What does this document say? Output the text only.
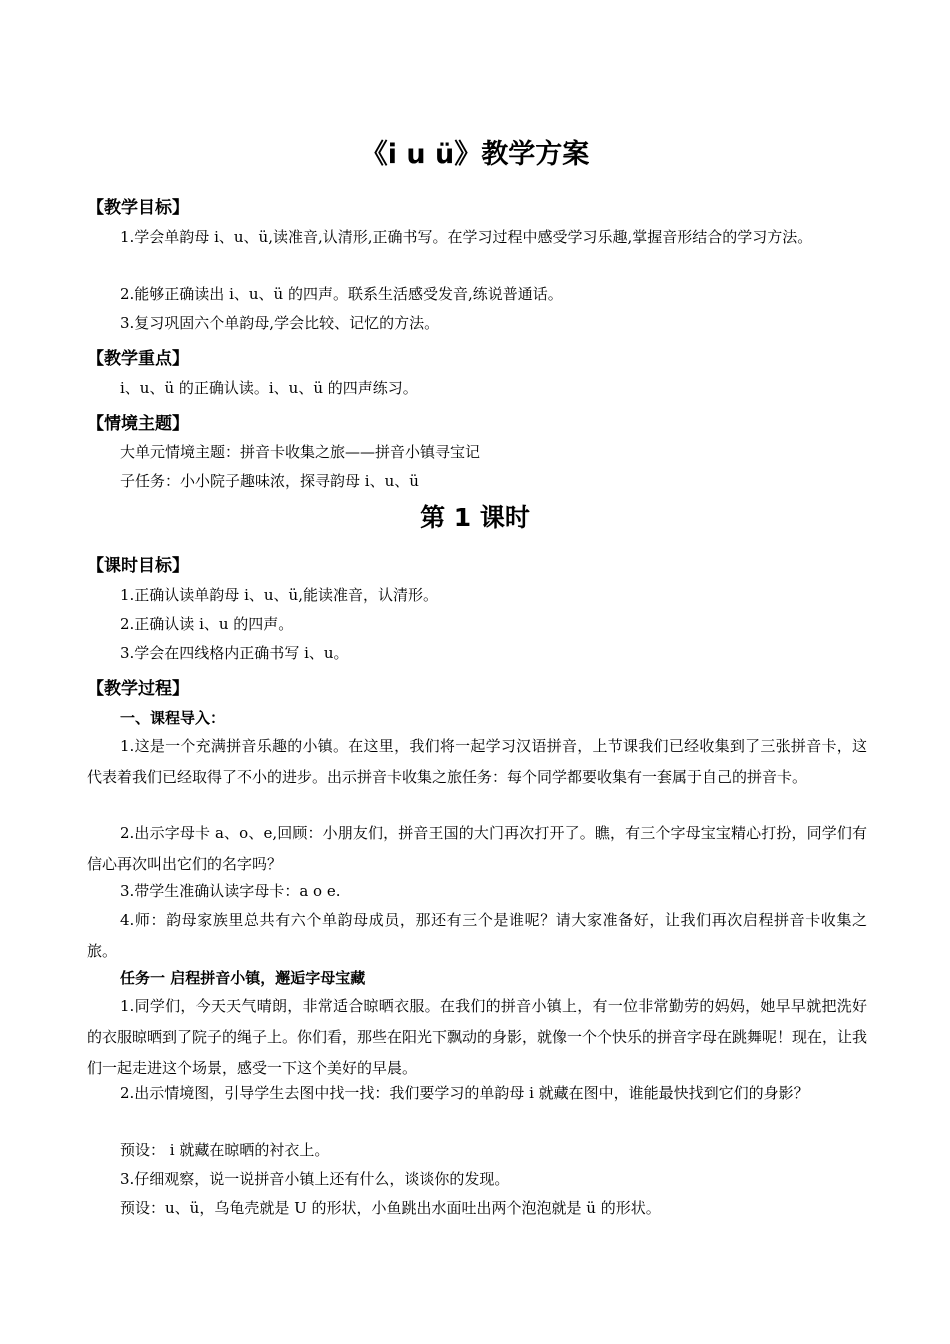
《i u ü》教学方案
【教学目标】
1.学会单韵母 i、u、ü,读准音,认清形,正确书写。在学习过程中感受学习乐趣,掌握音形结合的学习方法。
2.能够正确读出 i、u、ü 的四声。联系生活感受发音,练说普通话。
3.复习巩固六个单韵母,学会比较、记忆的方法。
【教学重点】
i、u、ü 的正确认读。i、u、ü 的四声练习。
【情境主题】
大单元情境主题：拼音卡收集之旅——拼音小镇寻宝记
子任务：小小院子趣味浓，探寻韵母 i、u、ü
第 1 课时
【课时目标】
1.正确认读单韵母 i、u、ü,能读准音，认清形。
2.正确认读 i、u 的四声。
3.学会在四线格内正确书写 i、u。
【教学过程】
一、课程导入：
1.这是一个充满拼音乐趣的小镇。在这里，我们将一起学习汉语拼音，上节课我们已经收集到了三张拼音卡，这代表着我们已经取得了不小的进步。出示拼音卡收集之旅任务：每个同学都要收集有一套属于自己的拼音卡。
2.出示字母卡 a、o、e,回顾：小朋友们，拼音王国的大门再次打开了。瞧，有三个字母宝宝精心打扮，同学们有信心再次叫出它们的名字吗？
3.带学生准确认读字母卡：a o e.
4.师：韵母家族里总共有六个单韵母成员，那还有三个是谁呢？请大家准备好，让我们再次启程拼音卡收集之旅。
任务一 启程拼音小镇，邂逅字母宝藏
1.同学们，今天天气晴朗，非常适合晾晒衣服。在我们的拼音小镇上，有一位非常勤劳的妈妈，她早早就把洗好的衣服晾晒到了院子的绳子上。你们看，那些在阳光下飘动的身影，就像一个个快乐的拼音字母在跳舞呢！现在，让我们一起走进这个场景，感受一下这个美好的早晨。
2.出示情境图，引导学生去图中找一找：我们要学习的单韵母 i 就藏在图中，谁能最快找到它们的身影？
预设： i 就藏在晾晒的衬衣上。
3.仔细观察，说一说拼音小镇上还有什么，谈谈你的发现。
预设：u、ü，乌龟壳就是 U 的形状，小鱼跳出水面吐出两个泡泡就是 ü 的形状。
